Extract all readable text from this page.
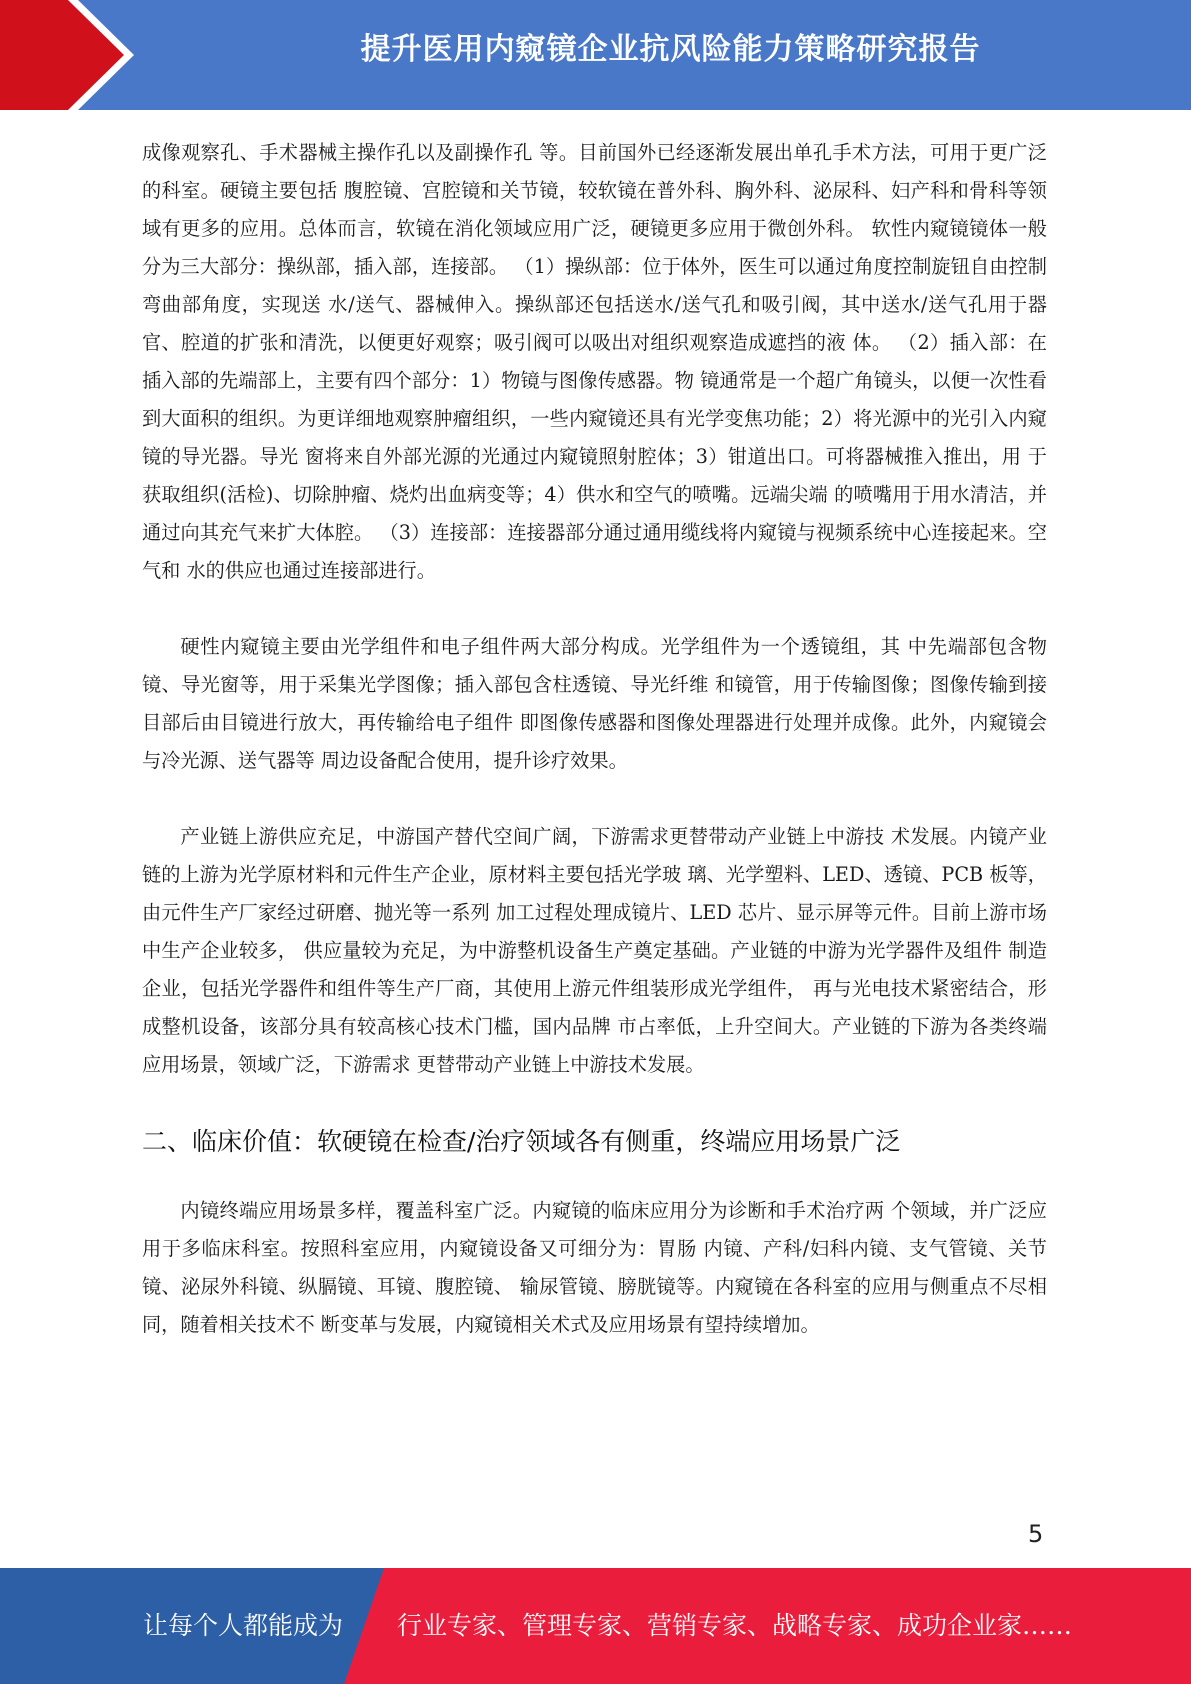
提升医用内窥镜企业抗风险能力策略研究报告

成像观察孔、手术器械主操作孔以及副操作孔 等。目前国外已经逐渐发展出单孔手术方法，可用于更广泛的科室。硬镜主要包括 腹腔镜、宫腔镜和关节镜，较软镜在普外科、胸外科、泌尿科、妇产科和骨科等领 域有更多的应用。总体而言，软镜在消化领域应用广泛，硬镜更多应用于微创外科。 软性内窥镜镜体一般分为三大部分：操纵部，插入部，连接部。 （1）操纵部：位于体外，医生可以通过角度控制旋钮自由控制弯曲部角度，实现送 水/送气、器械伸入。操纵部还包括送水/送气孔和吸引阀，其中送水/送气孔用于器 官、腔道的扩张和清洗，以便更好观察；吸引阀可以吸出对组织观察造成遮挡的液 体。 （2）插入部：在插入部的先端部上，主要有四个部分：1）物镜与图像传感器。物 镜通常是一个超广角镜头，以便一次性看到大面积的组织。为更详细地观察肿瘤组织，一些内窥镜还具有光学变焦功能；2）将光源中的光引入内窥镜的导光器。导光 窗将来自外部光源的光通过内窥镜照射腔体；3）钳道出口。可将器械推入推出，用 于获取组织(活检)、切除肿瘤、烧灼出血病变等；4）供水和空气的喷嘴。远端尖端 的喷嘴用于用水清洁，并通过向其充气来扩大体腔。 （3）连接部：连接器部分通过通用缆线将内窥镜与视频系统中心连接起来。空气和 水的供应也通过连接部进行。

硬性内窥镜主要由光学组件和电子组件两大部分构成。光学组件为一个透镜组，其 中先端部包含物镜、导光窗等，用于采集光学图像；插入部包含柱透镜、导光纤维 和镜管，用于传输图像；图像传输到接目部后由目镜进行放大，再传输给电子组件 即图像传感器和图像处理器进行处理并成像。此外，内窥镜会与冷光源、送气器等 周边设备配合使用，提升诊疗效果。

产业链上游供应充足，中游国产替代空间广阔，下游需求更替带动产业链上中游技 术发展。内镜产业链的上游为光学原材料和元件生产企业，原材料主要包括光学玻 璃、光学塑料、LED、透镜、PCB 板等，由元件生产厂家经过研磨、抛光等一系列 加工过程处理成镜片、LED 芯片、显示屏等元件。目前上游市场中生产企业较多， 供应量较为充足，为中游整机设备生产奠定基础。产业链的中游为光学器件及组件 制造企业，包括光学器件和组件等生产厂商，其使用上游元件组装形成光学组件， 再与光电技术紧密结合，形成整机设备，该部分具有较高核心技术门槛，国内品牌 市占率低，上升空间大。产业链的下游为各类终端应用场景，领域广泛，下游需求 更替带动产业链上中游技术发展。

二、临床价值：软硬镜在检查/治疗领域各有侧重，终端应用场景广泛

内镜终端应用场景多样，覆盖科室广泛。内窥镜的临床应用分为诊断和手术治疗两 个领域，并广泛应用于多临床科室。按照科室应用，内窥镜设备又可细分为：胃肠 内镜、产科/妇科内镜、支气管镜、关节镜、泌尿外科镜、纵膈镜、耳镜、腹腔镜、 输尿管镜、膀胱镜等。内窥镜在各科室的应用与侧重点不尽相同，随着相关技术不 断变革与发展，内窥镜相关术式及应用场景有望持续增加。

5
让每个人都能成为 行业专家、管理专家、营销专家、战略专家、成功企业家……
